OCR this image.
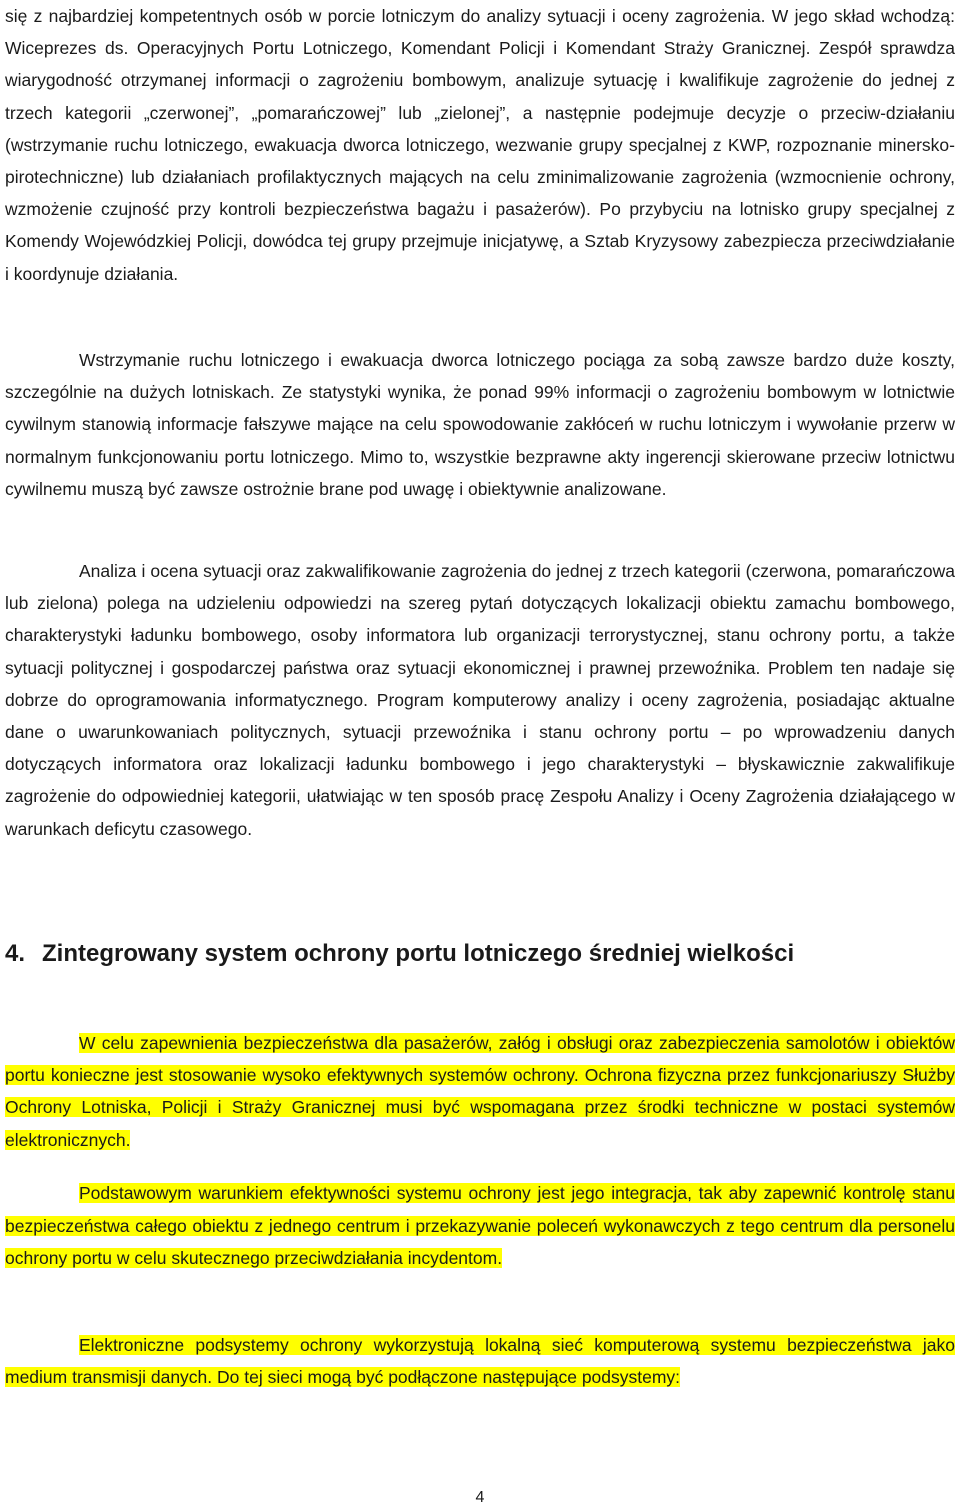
się z najbardziej kompetentnych osób w porcie lotniczym do analizy sytuacji i oceny zagrożenia. W jego skład wchodzą: Wiceprezes ds. Operacyjnych Portu Lotniczego, Komendant Policji i Komendant Straży Granicznej. Zespół sprawdza wiarygodność otrzymanej informacji o zagrożeniu bombowym, analizuje sytuację i kwalifikuje zagrożenie do jednej z trzech kategorii „czerwonej”, „pomarańczowej” lub „zielonej”, a następnie podejmuje decyzje o przeciw-działaniu (wstrzymanie ruchu lotniczego, ewakuacja dworca lotniczego, wezwanie grupy specjalnej z KWP, rozpoznanie minersko-pirotechniczne) lub działaniach profilaktycznych mających na celu zminimalizowanie zagrożenia (wzmocnienie ochrony, wzmożenie czujność przy kontroli bezpieczeństwa bagażu i pasażerów). Po przybyciu na lotnisko grupy specjalnej z Komendy Wojewódzkiej Policji, dowódca tej grupy przejmuje inicjatywę, a Sztab Kryzysowy zabezpiecza przeciwdziałanie i koordynuje działania.

Wstrzymanie ruchu lotniczego i ewakuacja dworca lotniczego pociąga za sobą zawsze bardzo duże koszty, szczególnie na dużych lotniskach. Ze statystyki wynika, że ponad 99% informacji o zagrożeniu bombowym w lotnictwie cywilnym stanowią informacje fałszywe mające na celu spowodowanie zakłóceń w ruchu lotniczym i wywołanie przerw w normalnym funkcjonowaniu portu lotniczego. Mimo to, wszystkie bezprawne akty ingerencji skierowane przeciw lotnictwu cywilnemu muszą być zawsze ostrożnie brane pod uwagę i obiektywnie analizowane.

Analiza i ocena sytuacji oraz zakwalifikowanie zagrożenia do jednej z trzech kategorii (czerwona, pomarańczowa lub zielona) polega na udzieleniu odpowiedzi na szereg pytań dotyczących lokalizacji obiektu zamachu bombowego, charakterystyki ładunku bombowego, osoby informatora lub organizacji terrorystycznej, stanu ochrony portu, a także sytuacji politycznej i gospodarczej państwa oraz sytuacji ekonomicznej i prawnej przewoźnika. Problem ten nadaje się dobrze do oprogramowania informatycznego. Program komputerowy analizy i oceny zagrożenia, posiadając aktualne dane o uwarunkowaniach politycznych, sytuacji przewoźnika i stanu ochrony portu – po wprowadzeniu danych dotyczących informatora oraz lokalizacji ładunku bombowego i jego charakterystyki – błyskawicznie zakwalifikuje zagrożenie do odpowiedniej kategorii, ułatwiając w ten sposób pracę Zespołu Analizy i Oceny Zagrożenia działającego w warunkach deficytu czasowego.

4. Zintegrowany system ochrony portu lotniczego średniej wielkości

W celu zapewnienia bezpieczeństwa dla pasażerów, załóg i obsługi oraz zabezpieczenia samolotów i obiektów portu konieczne jest stosowanie wysoko efektywnych systemów ochrony. Ochrona fizyczna przez funkcjonariuszy Służby Ochrony Lotniska, Policji i Straży Granicznej musi być wspomagana przez środki techniczne w postaci systemów elektronicznych.

Podstawowym warunkiem efektywności systemu ochrony jest jego integracja, tak aby zapewnić kontrolę stanu bezpieczeństwa całego obiektu z jednego centrum i przekazywanie poleceń wykonawczych z tego centrum dla personelu ochrony portu w celu skutecznego przeciwdziałania incydentom.

Elektroniczne podsystemy ochrony wykorzystują lokalną sieć komputerową systemu bezpieczeństwa jako medium transmisji danych. Do tej sieci mogą być podłączone następujące podsystemy:

4
